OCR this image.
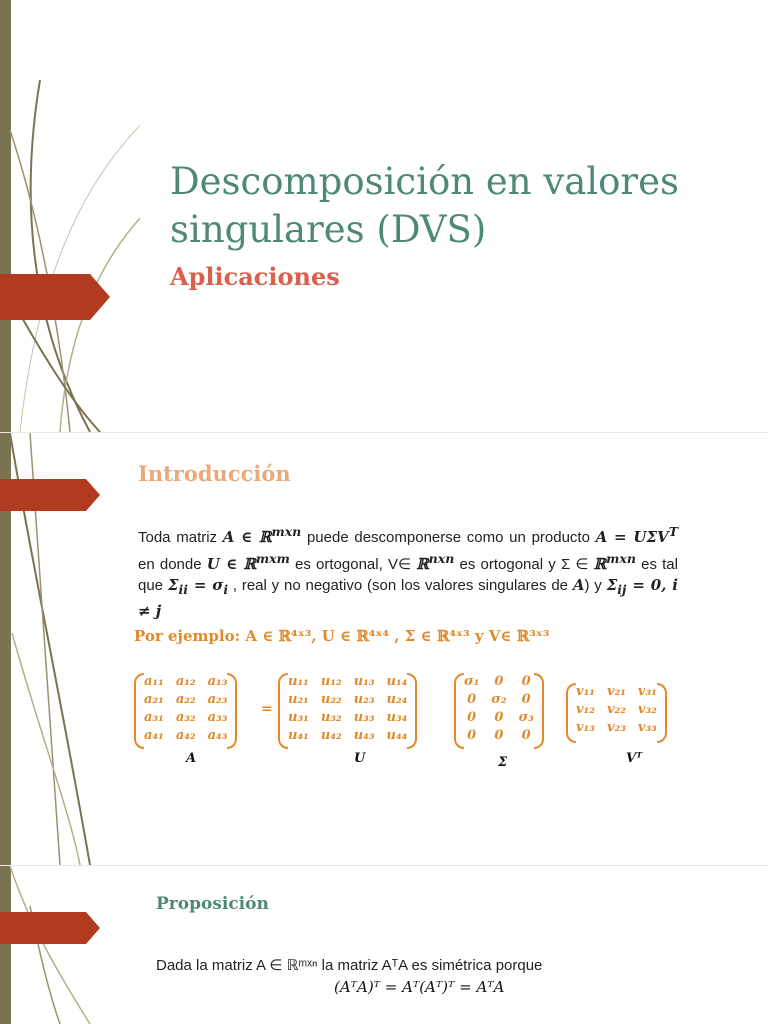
Descomposición en valores singulares (DVS)
Aplicaciones
Introducción
Toda matriz A ∈ ℝ$^{mxn}$ puede descomponerse como un producto $A = U\Sigma V^T$ en donde U ∈ ℝ$^{mxm}$ es ortogonal, V∈ ℝ$^{nxn}$ es ortogonal y Σ ∈ ℝ$^{mxn}$ es tal que $\Sigma_{ii} = \sigma_i$ , real y no negativo (son los valores singulares de A) y $\Sigma_{ij} = 0$, i ≠ j
Por ejemplo: A ∈ ℝ⁴ˣ³, U ∈ ℝ⁴ˣ⁴ , Σ ∈ ℝ⁴ˣ³ y V∈ ℝ³ˣ³
a₁₁	a₁₂	a₁₃
a₂₁	a₂₂	a₂₃
a₃₁	a₃₂	a₃₃
a₄₁	a₄₂	a₄₃
=
u₁₁	u₁₂	u₁₃	u₁₄
u₂₁	u₂₂	u₂₃	u₂₄
u₃₁	u₃₂	u₃₃	u₃₄
u₄₁	u₄₂	u₄₃	u₄₄
σ₁	0	0
0	σ₂	0
0	0	σ₃
0	0	0
v₁₁	v₂₁	v₃₁
v₁₂	v₂₂	v₃₂
v₁₃	v₂₃	v₃₃
A	U	Σ	Vᵀ
Proposición
Dada la matriz A ∈ ℝᵐˣⁿ la matriz AᵀA es simétrica porque
(AᵀA)ᵀ = Aᵀ(Aᵀ)ᵀ = AᵀA
